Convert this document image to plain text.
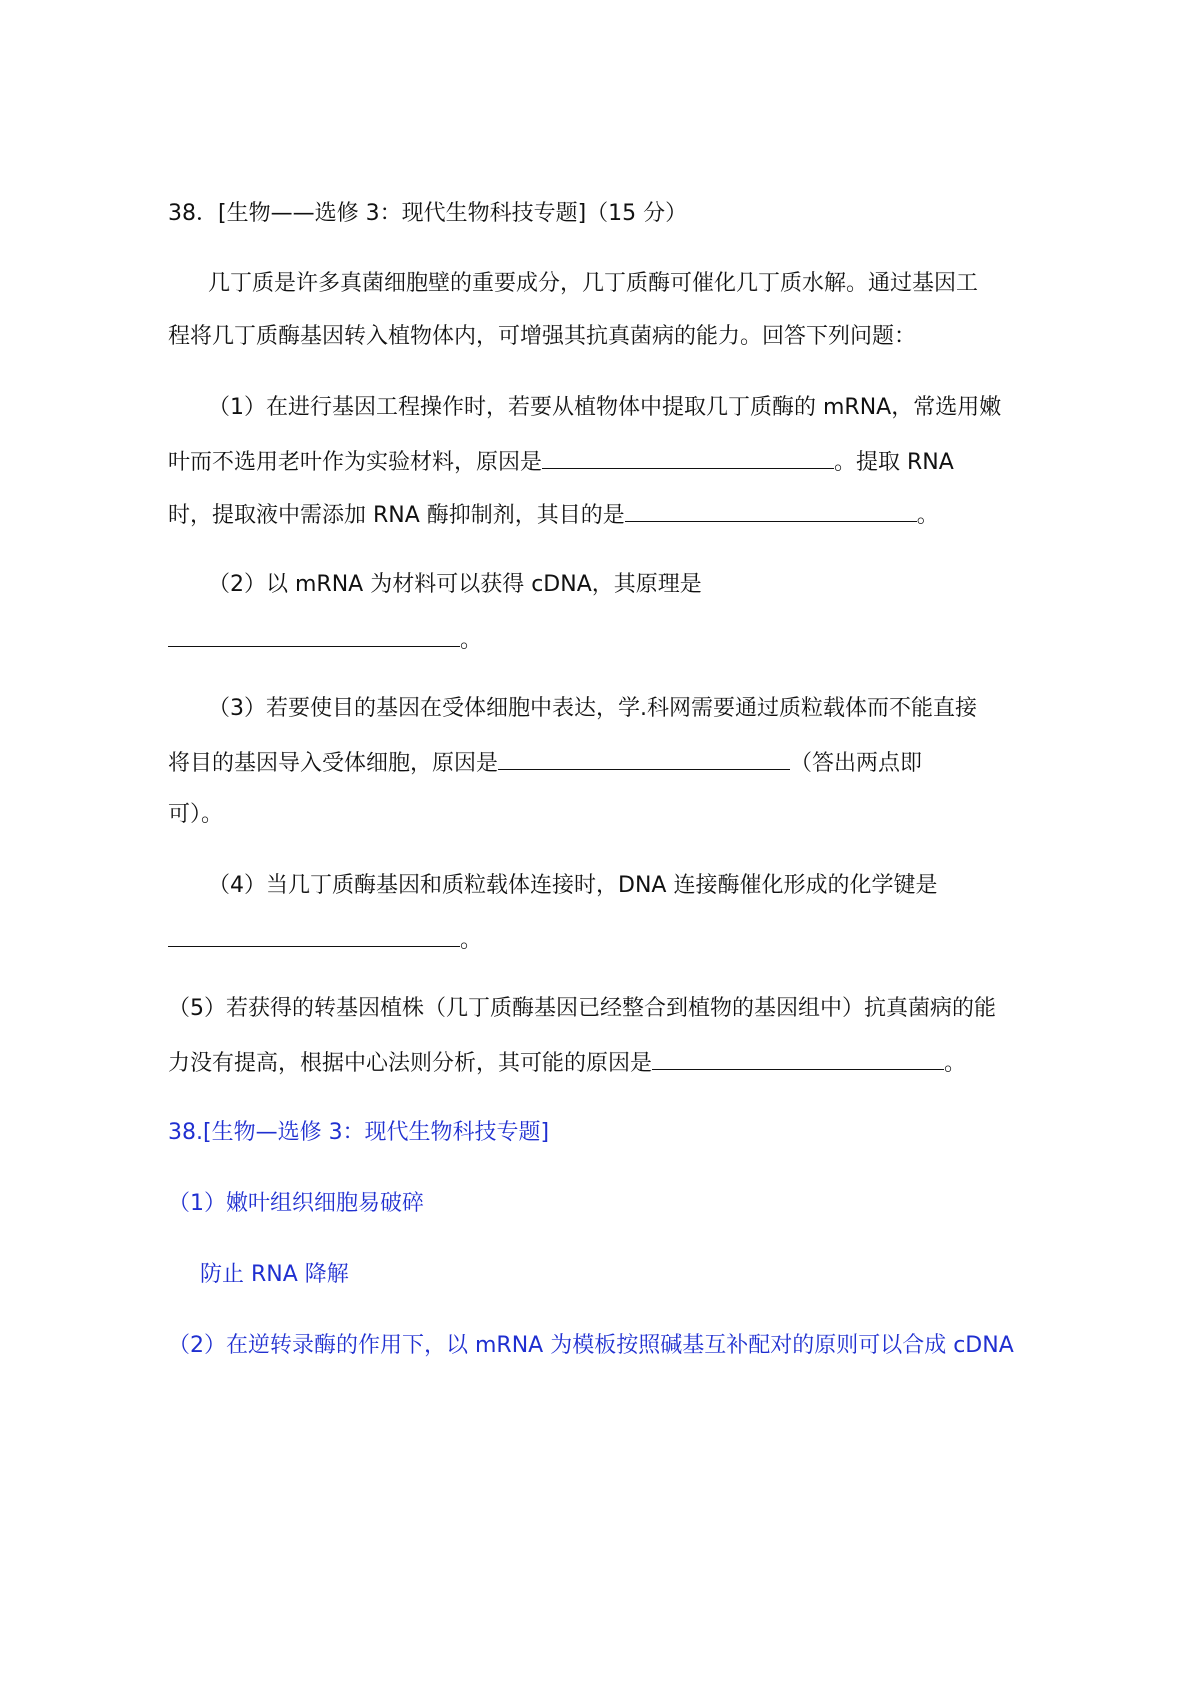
38．[生物——选修 3：现代生物科技专题]（15 分）
几丁质是许多真菌细胞壁的重要成分，几丁质酶可催化几丁质水解。通过基因工
程将几丁质酶基因转入植物体内，可增强其抗真菌病的能力。回答下列问题：
（1）在进行基因工程操作时，若要从植物体中提取几丁质酶的 mRNA，常选用嫩
叶而不选用老叶作为实验材料，原因是	。提取 RNA
时，提取液中需添加 RNA 酶抑制剂，其目的是	。
（2）以 mRNA 为材料可以获得 cDNA，其原理是
。
（3）若要使目的基因在受体细胞中表达，学.科网需要通过质粒载体而不能直接
将目的基因导入受体细胞，原因是	（答出两点即
可）。
（4）当几丁质酶基因和质粒载体连接时，DNA 连接酶催化形成的化学键是
。
（5）若获得的转基因植株（几丁质酶基因已经整合到植物的基因组中）抗真菌病的能
力没有提高，根据中心法则分析，其可能的原因是	。
38.[生物—选修 3：现代生物科技专题]
（1）嫩叶组织细胞易破碎
防止 RNA 降解
（2）在逆转录酶的作用下，以 mRNA 为模板按照碱基互补配对的原则可以合成 cDNA
